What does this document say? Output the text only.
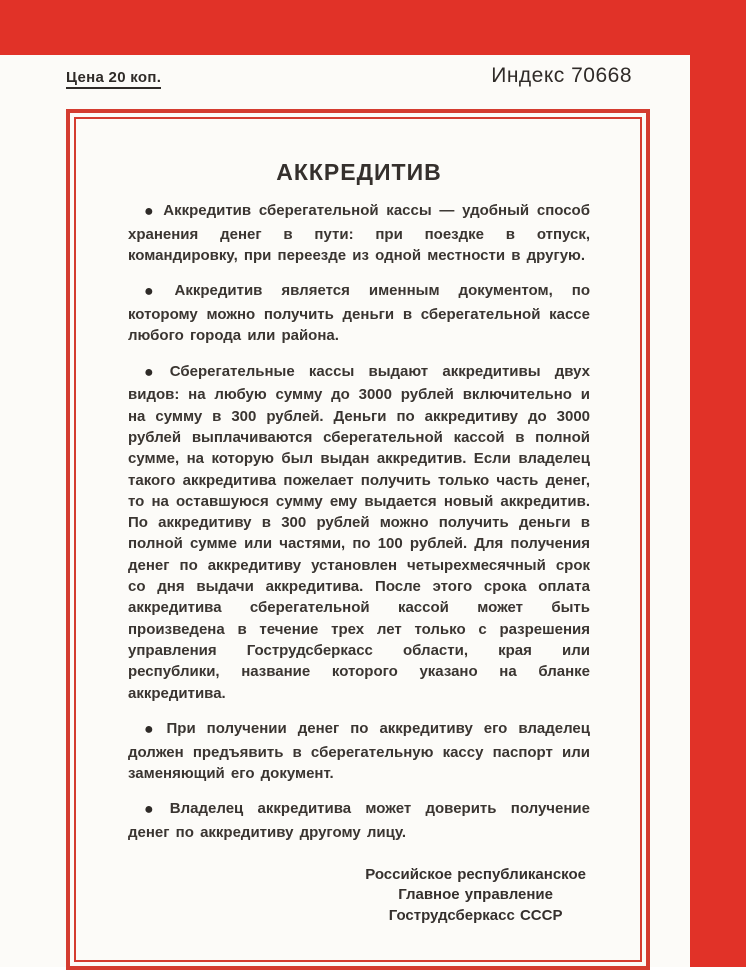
Цена 20 коп.	Индекс 70668
АККРЕДИТИВ

● Аккредитив сберегательной кассы — удобный способ хранения денег в пути: при поездке в отпуск, командировку, при переезде из одной местности в другую.

● Аккредитив является именным документом, по которому можно получить деньги в сберегательной кассе любого города или района.

● Сберегательные кассы выдают аккредитивы двух видов: на любую сумму до 3000 рублей включительно и на сумму в 300 рублей. Деньги по аккредитиву до 3000 рублей выплачиваются сберегательной кассой в полной сумме, на которую был выдан аккредитив. Если владелец такого аккредитива пожелает получить только часть денег, то на оставшуюся сумму ему выдается новый аккредитив. По аккредитиву в 300 рублей можно получить деньги в полной сумме или частями, по 100 рублей. Для получения денег по аккредитиву установлен четырехмесячный срок со дня выдачи аккредитива. После этого срока оплата аккредитива сберегательной кассой может быть произведена в течение трех лет только с разрешения управления Гострудсберкасс области, края или республики, название которого указано на бланке аккредитива.

● При получении денег по аккредитиву его владелец должен предъявить в сберегательную кассу паспорт или заменяющий его документ.

● Владелец аккредитива может доверить получение денег по аккредитиву другому лицу.

Российское республиканское
Главное управление
Гострудсберкасс СССР
